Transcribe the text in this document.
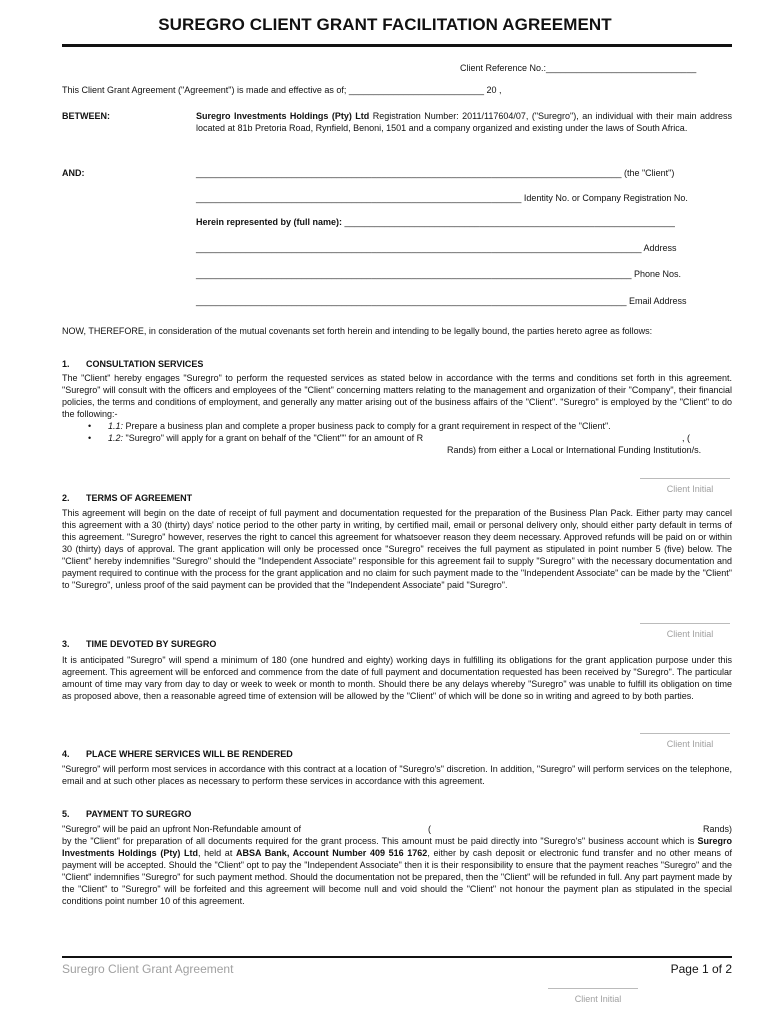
SUREGRO CLIENT GRANT FACILITATION AGREEMENT
Client Reference No.:______________________________
This Client Grant Agreement ("Agreement") is made and effective as of; ___________________________ 20 ,
BETWEEN:	Suregro Investments Holdings (Pty) Ltd Registration Number: 2011/117604/07, ("Suregro"), an individual with their main address located at 81b Pretoria Road, Rynfield, Benoni, 1501 and a company organized and existing under the laws of South Africa.
AND:	_____________________________________________________________________________________ (the "Client")
_________________________________________________________________ Identity No. or Company Registration No.
Herein represented by (full name): __________________________________________________________________
_________________________________________________________________________________________ Address
_______________________________________________________________________________________ Phone Nos.
______________________________________________________________________________________ Email Address
NOW, THEREFORE, in consideration of the mutual covenants set forth herein and intending to be legally bound, the parties hereto agree as follows:
1. CONSULTATION SERVICES
The "Client" hereby engages "Suregro" to perform the requested services as stated below in accordance with the terms and conditions set forth in this agreement. "Suregro" will consult with the officers and employees of the "Client" concerning matters relating to the management and organization of their "Company", their financial policies, the terms and conditions of employment, and generally any matter arising out of the business affairs of the "Client". "Suregro" is employed by the "Client" to do the following:-
• 1.1: Prepare a business plan and complete a proper business pack to comply for a grant requirement in respect of the "Client".
• 1.2: "Suregro" will apply for a grant on behalf of the "Client"" for an amount of R	, (
Rands) from either a Local or International Funding Institution/s.
Client Initial
2. TERMS OF AGREEMENT
This agreement will begin on the date of receipt of full payment and documentation requested for the preparation of the Business Plan Pack. Either party may cancel this agreement with a 30 (thirty) days' notice period to the other party in writing, by certified mail, email or personal delivery only, should either party default in terms of this agreement. "Suregro" however, reserves the right to cancel this agreement for whatsoever reason they deem necessary. Approved refunds will be paid on or within 30 (thirty) days of approval. The grant application will only be processed once "Suregro" receives the full payment as stipulated in point number 5 (five) below. The "Client" hereby indemnifies "Suregro" should the "Independent Associate" responsible for this agreement fail to supply "Suregro" with the necessary documentation and payment required to continue with the process for the grant application and no claim for such payment made to the "Independent Associate" can be made by the "Client" to "Suregro", unless proof of the said payment can be provided that the "Independent Associate" paid "Suregro".
Client Initial
3. TIME DEVOTED BY SUREGRO
It is anticipated "Suregro" will spend a minimum of 180 (one hundred and eighty) working days in fulfilling its obligations for the grant application purpose under this agreement. This agreement will be enforced and commence from the date of full payment and documentation requested has been received by "Suregro". The particular amount of time may vary from day to day or week to week or month to month. Should there be any delays whereby "Suregro" was unable to fulfill its obligation on time as proposed above, then a reasonable agreed time of extension will be allowed by the "Client" of which will be done so in writing and agreed to by both parties.
Client Initial
4. PLACE WHERE SERVICES WILL BE RENDERED
"Suregro" will perform most services in accordance with this contract at a location of "Suregro's" discretion. In addition, "Suregro" will perform services on the telephone, email and at such other places as necessary to perform these services in accordance with this agreement.
5. PAYMENT TO SUREGRO
"Suregro" will be paid an upfront Non-Refundable amount of	(	Rands)
by the "Client" for preparation of all documents required for the grant process. This amount must be paid directly into "Suregro's" business account which is Suregro Investments Holdings (Pty) Ltd, held at ABSA Bank, Account Number 409 516 1762, either by cash deposit or electronic fund transfer and no other means of payment will be accepted. Should the "Client" opt to pay the "Independent Associate" then it is their responsibility to ensure that the payment reaches "Suregro" and the "Client" indemnifies "Suregro" for such payment method. Should the documentation not be prepared, then the "Client" will be refunded in full. Any part payment made by the "Client" to "Suregro" will be forfeited and this agreement will become null and void should the "Client" not honour the payment plan as stipulated in the special conditions point number 10 of this agreement.
Suregro Client Grant Agreement	Page 1 of 2
Client Initial
